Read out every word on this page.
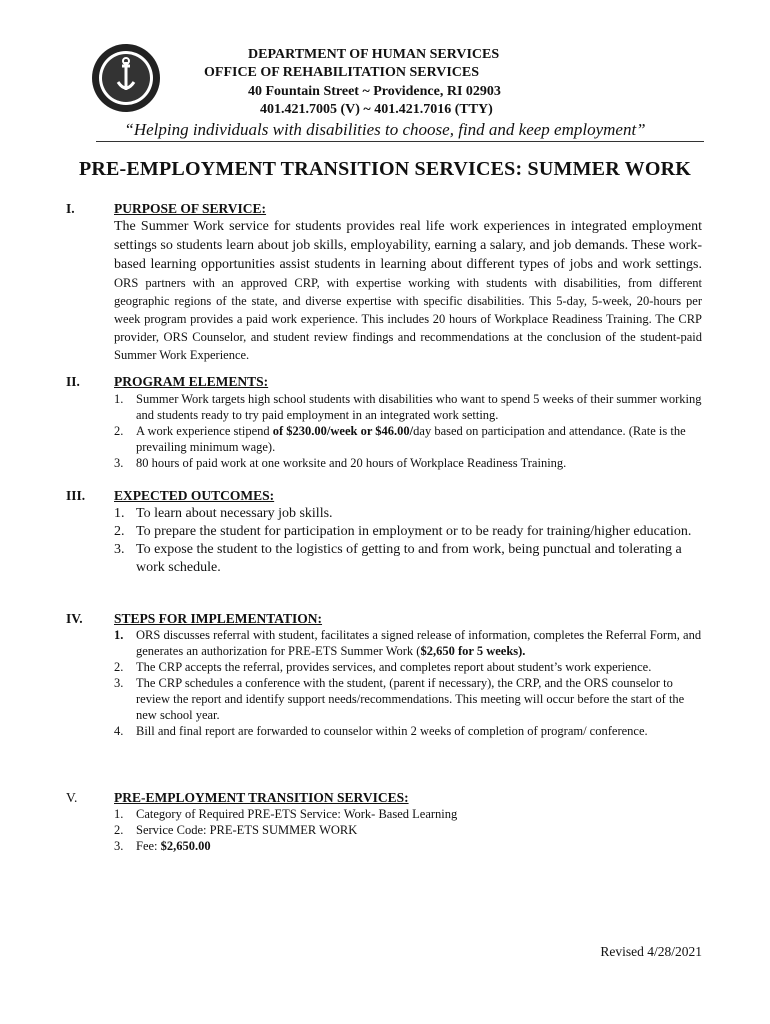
DEPARTMENT OF HUMAN SERVICES
OFFICE OF REHABILITATION SERVICES
40 Fountain Street ~ Providence, RI 02903
401.421.7005 (V) ~ 401.421.7016 (TTY)
“Helping individuals with disabilities to choose, find and keep employment”
PRE-EMPLOYMENT TRANSITION SERVICES: SUMMER WORK
I.	PURPOSE OF SERVICE:
The Summer Work service for students provides real life work experiences in integrated employment settings so students learn about job skills, employability, earning a salary, and job demands. These work-based learning opportunities assist students in learning about different types of jobs and work settings. ORS partners with an approved CRP, with expertise working with students with disabilities, from different geographic regions of the state, and diverse expertise with specific disabilities. This 5-day, 5-week, 20-hours per week program provides a paid work experience. This includes 20 hours of Workplace Readiness Training. The CRP provider, ORS Counselor, and student review findings and recommendations at the conclusion of the student-paid Summer Work Experience.
II.	PROGRAM ELEMENTS:
1. Summer Work targets high school students with disabilities who want to spend 5 weeks of their summer working and students ready to try paid employment in an integrated work setting.
2. A work experience stipend of $230.00/week or $46.00/day based on participation and attendance. (Rate is the prevailing minimum wage).
3. 80 hours of paid work at one worksite and 20 hours of Workplace Readiness Training.
III. EXPECTED OUTCOMES:
1. To learn about necessary job skills.
2. To prepare the student for participation in employment or to be ready for training/higher education.
3. To expose the student to the logistics of getting to and from work, being punctual and tolerating a work schedule.
IV. STEPS FOR IMPLEMENTATION:
1. ORS discusses referral with student, facilitates a signed release of information, completes the Referral Form, and generates an authorization for PRE-ETS Summer Work ($2,650 for 5 weeks).
2. The CRP accepts the referral, provides services, and completes report about student’s work experience.
3. The CRP schedules a conference with the student, (parent if necessary), the CRP, and the ORS counselor to review the report and identify support needs/recommendations. This meeting will occur before the start of the new school year.
4. Bill and final report are forwarded to counselor within 2 weeks of completion of program/ conference.
V.	PRE-EMPLOYMENT TRANSITION SERVICES:
1. Category of Required PRE-ETS Service: Work- Based Learning
2. Service Code: PRE-ETS SUMMER WORK
3. Fee: $2,650.00
Revised 4/28/2021
